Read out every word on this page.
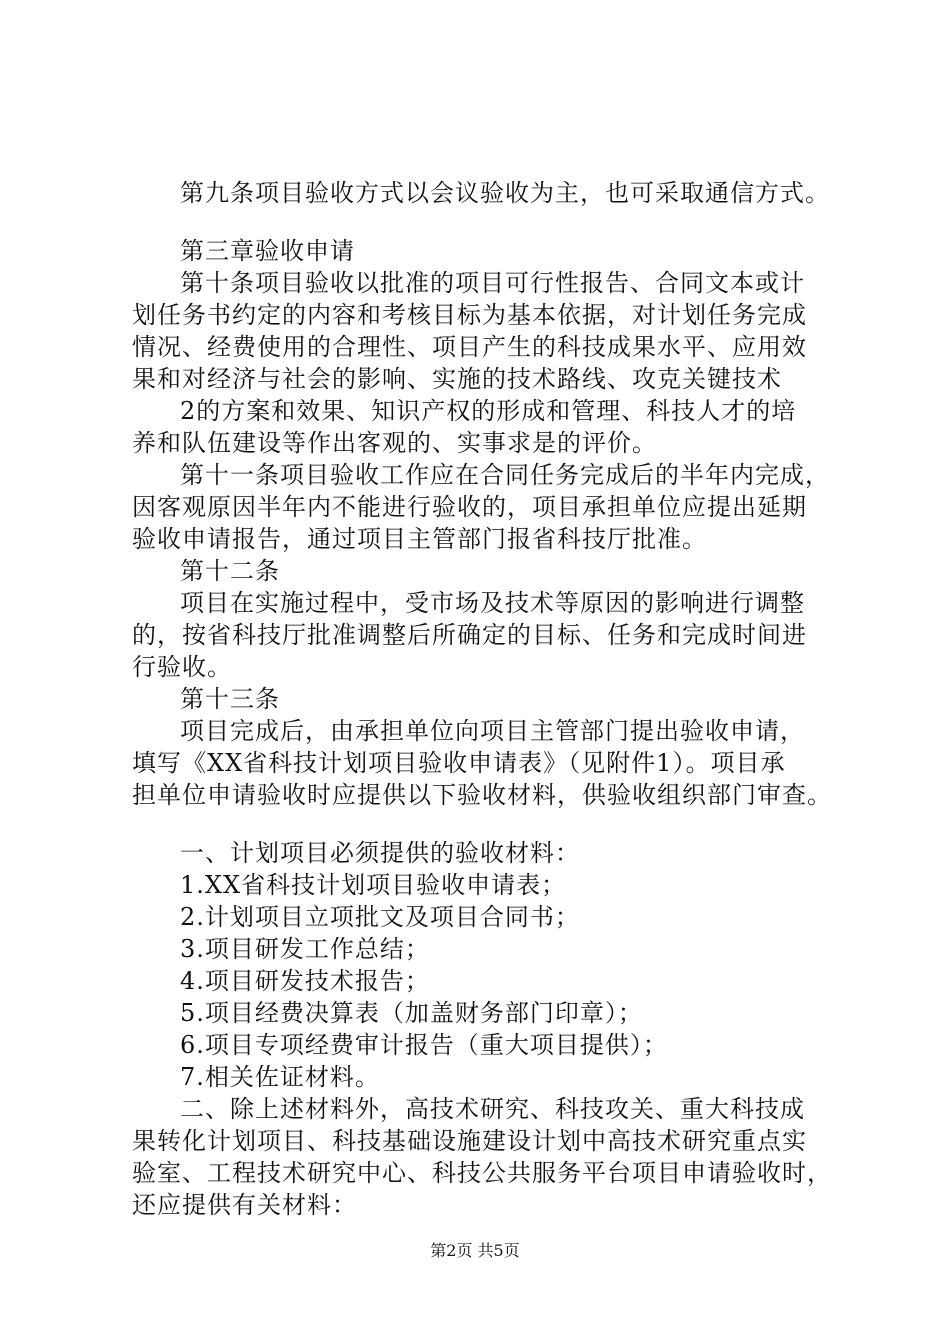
第九条项目验收方式以会议验收为主，也可采取通信方式。
第三章验收申请
第十条项目验收以批准的项目可行性报告、合同文本或计
划任务书约定的内容和考核目标为基本依据，对计划任务完成
情况、经费使用的合理性、项目产生的科技成果水平、应用效
果和对经济与社会的影响、实施的技术路线、攻克关键技术
2的方案和效果、知识产权的形成和管理、科技人才的培
养和队伍建设等作出客观的、实事求是的评价。
第十一条项目验收工作应在合同任务完成后的半年内完成，
因客观原因半年内不能进行验收的，项目承担单位应提出延期
验收申请报告，通过项目主管部门报省科技厅批准。
第十二条
项目在实施过程中，受市场及技术等原因的影响进行调整
的，按省科技厅批准调整后所确定的目标、任务和完成时间进
行验收。
第十三条
项目完成后，由承担单位向项目主管部门提出验收申请，
填写《XX省科技计划项目验收申请表》（见附件1）。项目承
担单位申请验收时应提供以下验收材料，供验收组织部门审查。
一、计划项目必须提供的验收材料：
1.XX省科技计划项目验收申请表；
2.计划项目立项批文及项目合同书；
3.项目研发工作总结；
4.项目研发技术报告；
5.项目经费决算表（加盖财务部门印章）；
6.项目专项经费审计报告（重大项目提供）；
7.相关佐证材料。
二、除上述材料外，高技术研究、科技攻关、重大科技成
果转化计划项目、科技基础设施建设计划中高技术研究重点实
验室、工程技术研究中心、科技公共服务平台项目申请验收时，
还应提供有关材料：
第2页 共5页
